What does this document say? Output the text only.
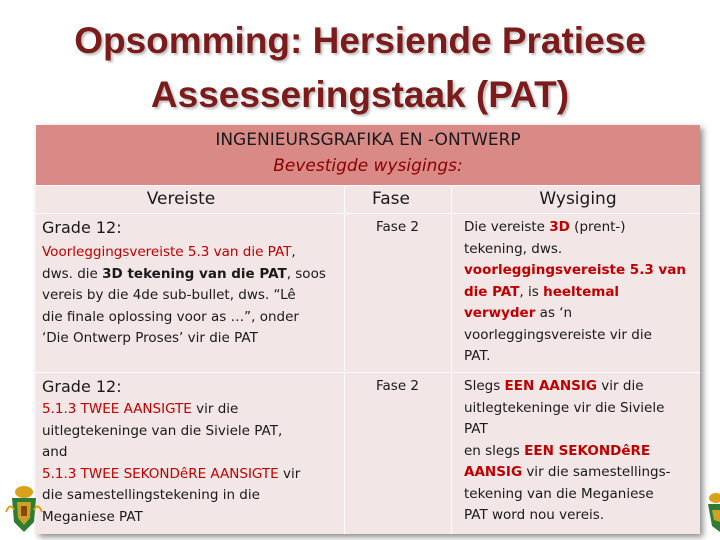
Opsomming: Hersiende Pratiese
Assesseringstaak (PAT)
INGENIEURSGRAFIKA EN -ONTWERP
Bevestigde wysigings:
Vereiste	Fase	Wysiging
Grade 12:
Voorleggingsvereiste 5.3 van die PAT,
dws. die 3D tekening van die PAT, soos
vereis by die 4de sub-bullet, dws. “Lê
die finale oplossing voor as …”, onder
‘Die Ontwerp Proses’ vir die PAT
Fase 2	Die vereiste 3D (prent-)
tekening, dws.
voorleggingsvereiste 5.3 van
die PAT, is heeltemal
verwyder as ‘n
voorleggingsvereiste vir die
PAT.
Grade 12:
5.1.3 TWEE AANSIGTE vir die
uitlegtekeninge van die Siviele PAT,
and
5.1.3 TWEE SEKONDêRE AANSIGTE vir
die samestellingstekening in die
Meganiese PAT
Fase 2	Slegs EEN AANSIG vir die
uitlegtekeninge vir die Siviele
PAT
en slegs EEN SEKONDêRE
AANSIG vir die samestellings-
tekening van die Meganiese
PAT word nou vereis.
